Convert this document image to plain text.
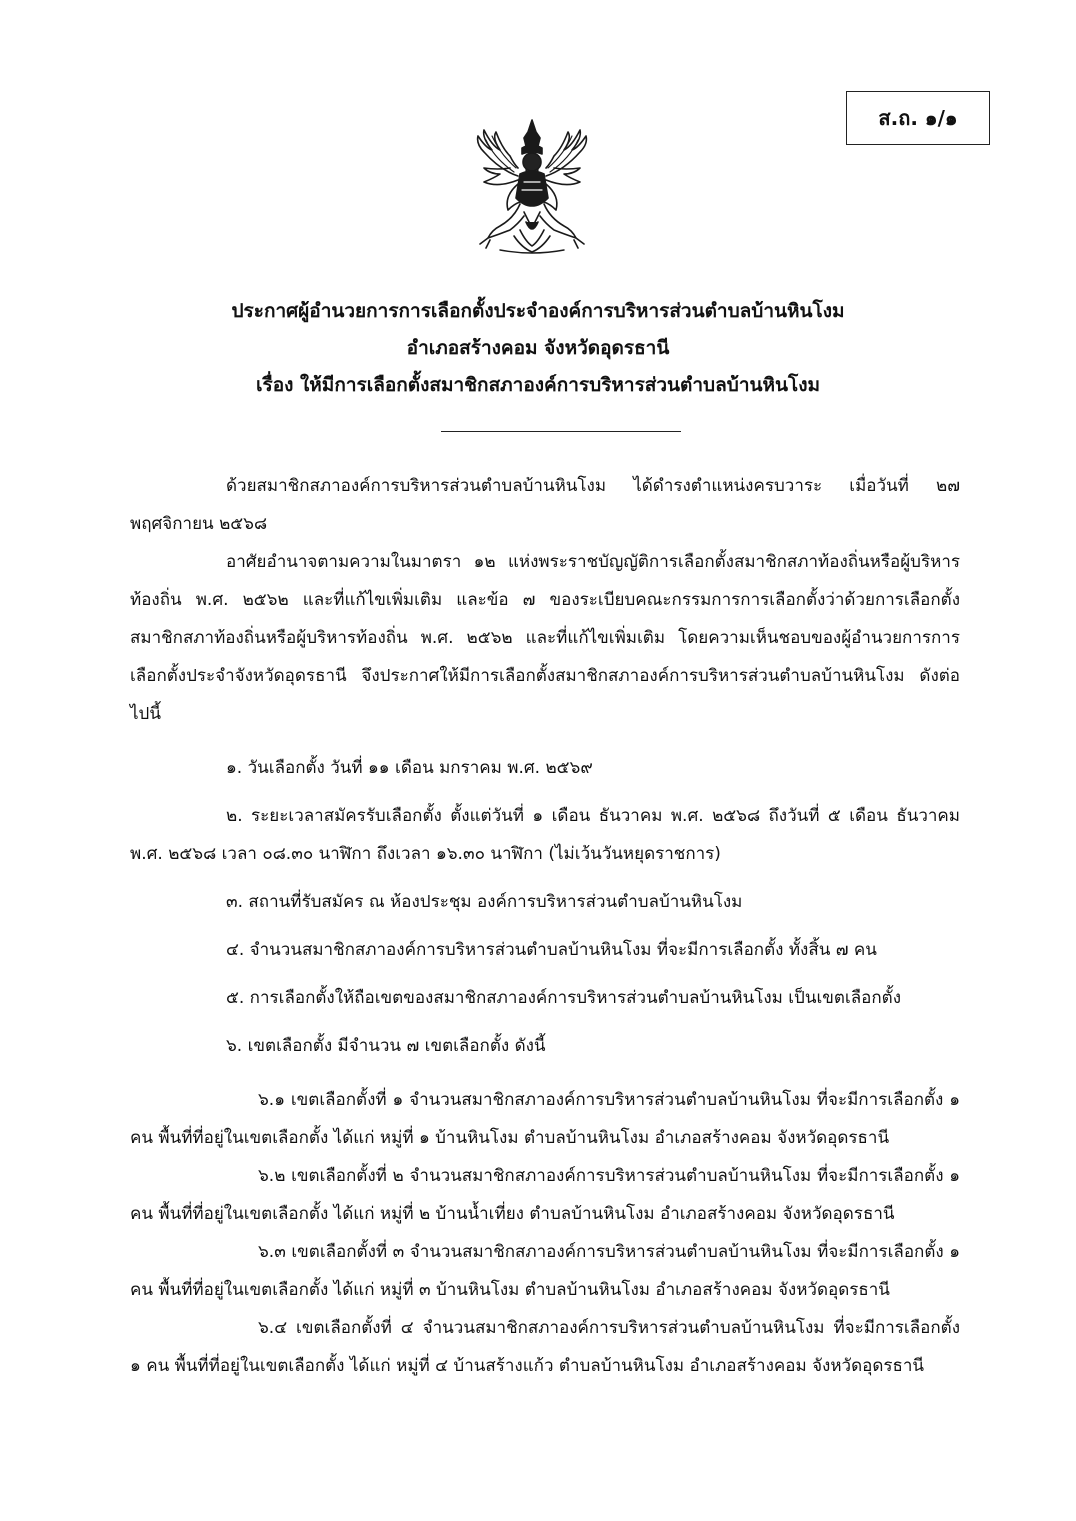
ส.ถ. ๑/๑
ประกาศผู้อำนวยการการเลือกตั้งประจำองค์การบริหารส่วนตำบลบ้านหินโงม
อำเภอสร้างคอม จังหวัดอุดรธานี
เรื่อง ให้มีการเลือกตั้งสมาชิกสภาองค์การบริหารส่วนตำบลบ้านหินโงม

ด้วยสมาชิกสภาองค์การบริหารส่วนตำบลบ้านหินโงม ได้ดำรงตำแหน่งครบวาระ เมื่อวันที่ ๒๗ พฤศจิกายน ๒๕๖๘

อาศัยอำนาจตามความในมาตรา ๑๒ แห่งพระราชบัญญัติการเลือกตั้งสมาชิกสภาท้องถิ่นหรือผู้บริหารท้องถิ่น พ.ศ. ๒๕๖๒ และที่แก้ไขเพิ่มเติม และข้อ ๗ ของระเบียบคณะกรรมการการเลือกตั้งว่าด้วยการเลือกตั้งสมาชิกสภาท้องถิ่นหรือผู้บริหารท้องถิ่น พ.ศ. ๒๕๖๒ และที่แก้ไขเพิ่มเติม โดยความเห็นชอบของผู้อำนวยการการเลือกตั้งประจำจังหวัดอุดรธานี จึงประกาศให้มีการเลือกตั้งสมาชิกสภาองค์การบริหารส่วนตำบลบ้านหินโงม ดังต่อไปนี้

๑. วันเลือกตั้ง วันที่ ๑๑ เดือน มกราคม พ.ศ. ๒๕๖๙

๒. ระยะเวลาสมัครรับเลือกตั้ง ตั้งแต่วันที่ ๑ เดือน ธันวาคม พ.ศ. ๒๕๖๘ ถึงวันที่ ๕ เดือน ธันวาคม พ.ศ. ๒๕๖๘ เวลา ๐๘.๓๐ นาฬิกา ถึงเวลา ๑๖.๓๐ นาฬิกา (ไม่เว้นวันหยุดราชการ)

๓. สถานที่รับสมัคร ณ ห้องประชุม องค์การบริหารส่วนตำบลบ้านหินโงม

๔. จำนวนสมาชิกสภาองค์การบริหารส่วนตำบลบ้านหินโงม ที่จะมีการเลือกตั้ง ทั้งสิ้น ๗ คน

๕. การเลือกตั้งให้ถือเขตของสมาชิกสภาองค์การบริหารส่วนตำบลบ้านหินโงม เป็นเขตเลือกตั้ง

๖. เขตเลือกตั้ง มีจำนวน ๗ เขตเลือกตั้ง ดังนี้

๖.๑ เขตเลือกตั้งที่ ๑ จำนวนสมาชิกสภาองค์การบริหารส่วนตำบลบ้านหินโงม ที่จะมีการเลือกตั้ง ๑ คน พื้นที่ที่อยู่ในเขตเลือกตั้ง ได้แก่ หมู่ที่ ๑ บ้านหินโงม ตำบลบ้านหินโงม อำเภอสร้างคอม จังหวัดอุดรธานี

๖.๒ เขตเลือกตั้งที่ ๒ จำนวนสมาชิกสภาองค์การบริหารส่วนตำบลบ้านหินโงม ที่จะมีการเลือกตั้ง ๑ คน พื้นที่ที่อยู่ในเขตเลือกตั้ง ได้แก่ หมู่ที่ ๒ บ้านน้ำเที่ยง ตำบลบ้านหินโงม อำเภอสร้างคอม จังหวัดอุดรธานี

๖.๓ เขตเลือกตั้งที่ ๓ จำนวนสมาชิกสภาองค์การบริหารส่วนตำบลบ้านหินโงม ที่จะมีการเลือกตั้ง ๑ คน พื้นที่ที่อยู่ในเขตเลือกตั้ง ได้แก่ หมู่ที่ ๓ บ้านหินโงม ตำบลบ้านหินโงม อำเภอสร้างคอม จังหวัดอุดรธานี

๖.๔ เขตเลือกตั้งที่ ๔ จำนวนสมาชิกสภาองค์การบริหารส่วนตำบลบ้านหินโงม ที่จะมีการเลือกตั้ง ๑ คน พื้นที่ที่อยู่ในเขตเลือกตั้ง ได้แก่ หมู่ที่ ๔ บ้านสร้างแก้ว ตำบลบ้านหินโงม อำเภอสร้างคอม จังหวัดอุดรธานี
